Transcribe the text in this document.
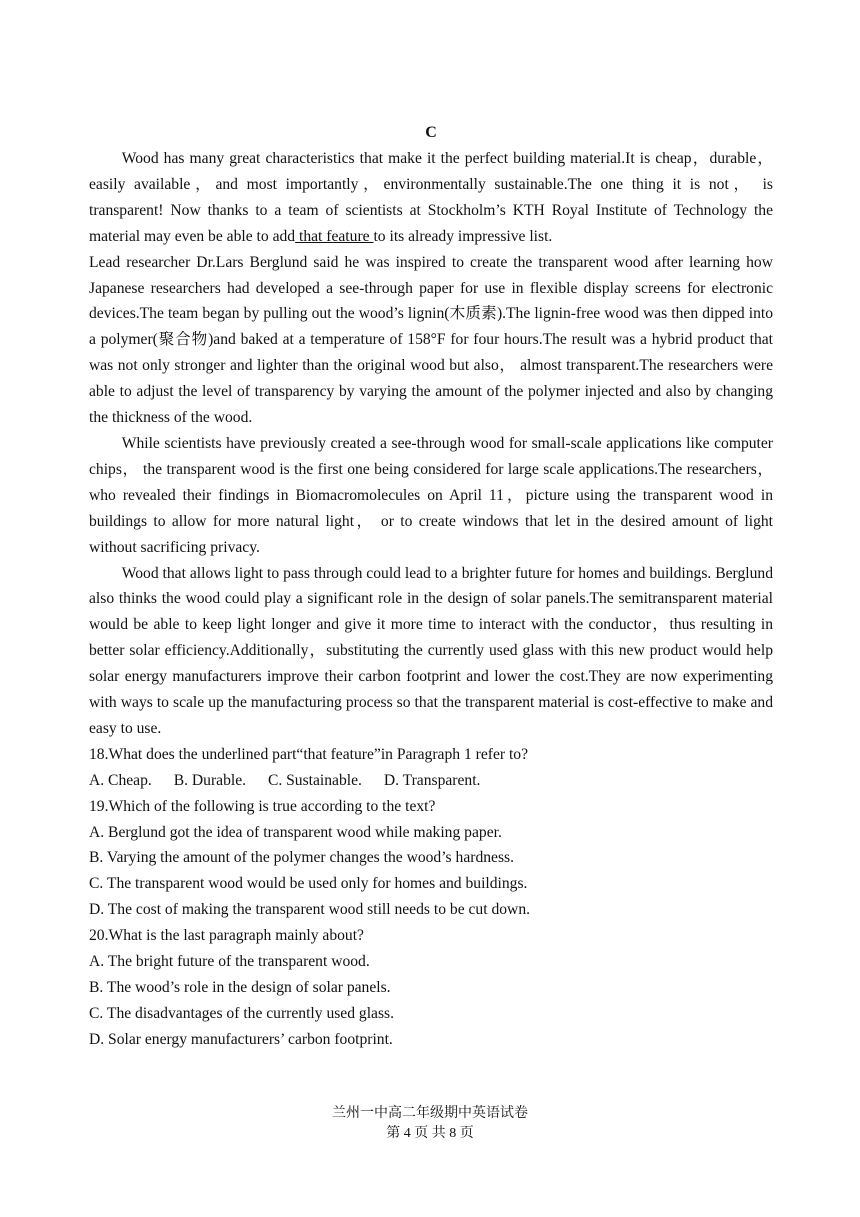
C

Wood has many great characteristics that make it the perfect building material.It is cheap，durable，easily available，and most importantly，environmentally sustainable.The one thing it is not， is transparent! Now thanks to a team of scientists at Stockholm’s KTH Royal Institute of Technology the material may even be able to add that feature to its already impressive list.

Lead researcher Dr.Lars Berglund said he was inspired to create the transparent wood after learning how Japanese researchers had developed a see-through paper for use in flexible display screens for electronic devices.The team began by pulling out the wood’s lignin(木质素).The lignin-free wood was then dipped into a polymer(聚合物)and baked at a temperature of 158°F for four hours.The result was a hybrid product that was not only stronger and lighter than the original wood but also， almost transparent.The researchers were able to adjust the level of transparency by varying the amount of the polymer injected and also by changing the thickness of the wood.

While scientists have previously created a see-through wood for small-scale applications like computer chips， the transparent wood is the first one being considered for large scale applications.The researchers， who revealed their findings in Biomacromolecules on April 11，picture using the transparent wood in buildings to allow for more natural light， or to create windows that let in the desired amount of light without sacrificing privacy.

Wood that allows light to pass through could lead to a brighter future for homes and buildings. Berglund also thinks the wood could play a significant role in the design of solar panels.The semitransparent material would be able to keep light longer and give it more time to interact with the conductor，thus resulting in better solar efficiency.Additionally，substituting the currently used glass with this new product would help solar energy manufacturers improve their carbon footprint and lower the cost.They are now experimenting with ways to scale up the manufacturing process so that the transparent material is cost-effective to make and easy to use.

18.What does the underlined part“that feature”in Paragraph 1 refer to?

A. Cheap. B. Durable. C. Sustainable. D. Transparent.

19.Which of the following is true according to the text?

A. Berglund got the idea of transparent wood while making paper.

B. Varying the amount of the polymer changes the wood’s hardness.

C. The transparent wood would be used only for homes and buildings.

D. The cost of making the transparent wood still needs to be cut down.

20.What is the last paragraph mainly about?

A. The bright future of the transparent wood.

B. The wood’s role in the design of solar panels.

C. The disadvantages of the currently used glass.

D. Solar energy manufacturers’ carbon footprint.

兰州一中高二年级期中英语试卷
第 4 页 共 8 页
